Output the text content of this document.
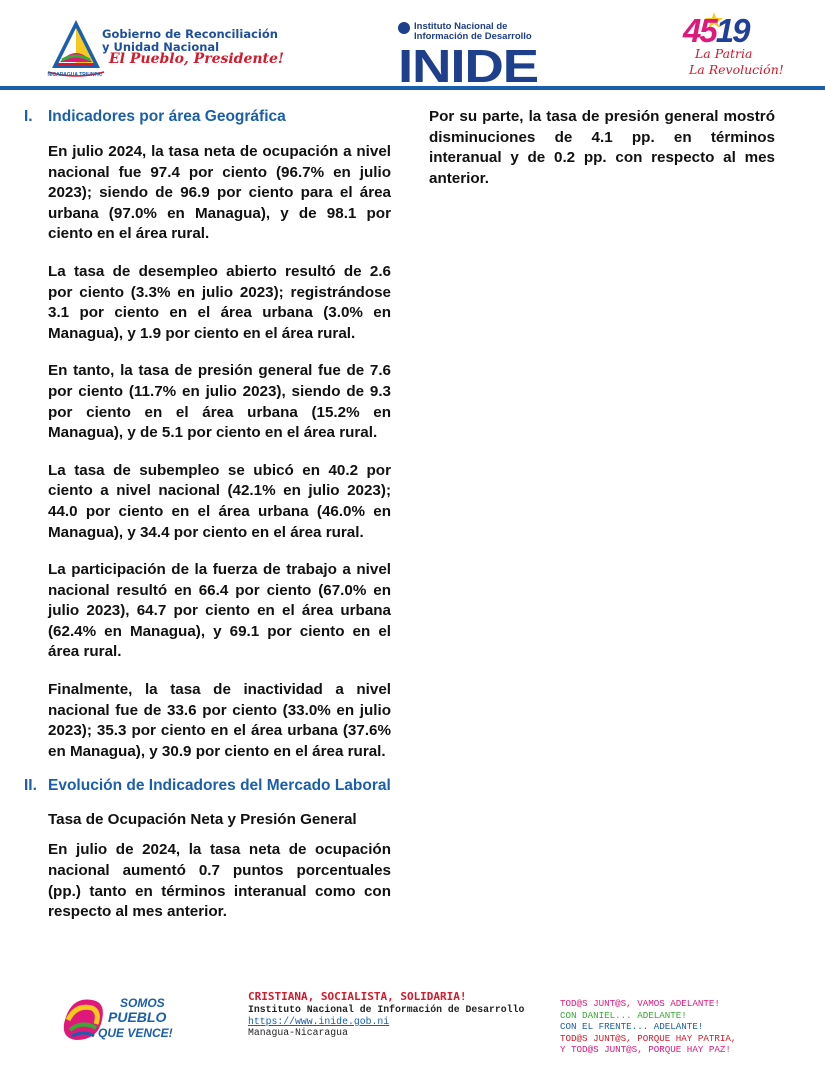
NICARAGUA TRIUNFA!
Gobierno de Reconciliación
y Unidad Nacional
El Pueblo, Presidente! INIDE
Instituto Nacional de
Información de Desarrollo	4519
La Patria
La Revolución!
I. Indicadores por área Geográfica

En julio 2024, la tasa neta de ocupación a nivel nacional fue 97.4 por ciento (96.7% en julio 2023); siendo de 96.9 por ciento para el área urbana (97.0% en Managua), y de 98.1 por ciento en el área rural.

La tasa de desempleo abierto resultó de 2.6 por ciento (3.3% en julio 2023); registrándose 3.1 por ciento en el área urbana (3.0% en Managua), y 1.9 por ciento en el área rural.

En tanto, la tasa de presión general fue de 7.6 por ciento (11.7% en julio 2023), siendo de 9.3 por ciento en el área urbana (15.2% en Managua), y de 5.1 por ciento en el área rural.

La tasa de subempleo se ubicó en 40.2 por ciento a nivel nacional (42.1% en julio 2023); 44.0 por ciento en el área urbana (46.0% en Managua), y 34.4 por ciento en el área rural.

La participación de la fuerza de trabajo a nivel nacional resultó en 66.4 por ciento (67.0% en julio 2023), 64.7 por ciento en el área urbana (62.4% en Managua), y 69.1 por ciento en el área rural.

Finalmente, la tasa de inactividad a nivel nacional fue de 33.6 por ciento (33.0% en julio 2023); 35.3 por ciento en el área urbana (37.6% en Managua), y 30.9 por ciento en el área rural.

II. Evolución de Indicadores del Mercado Laboral
Tasa de Ocupación Neta y Presión General

En julio de 2024, la tasa neta de ocupación nacional aumentó 0.7 puntos porcentuales (pp.) tanto en términos interanual como con respecto al mes anterior.

Por su parte, la tasa de presión general mostró disminuciones de 4.1 pp. en términos interanual y de 0.2 pp. con respecto al mes anterior.

SOMOS
PUEBLO
QUE VENCE!
CRISTIANA, SOCIALISTA, SOLIDARIA!
Instituto Nacional de Información de Desarrollo
https://www.inide.gob.ni
Managua-Nicaragua
TOD@S JUNT@S, VAMOS ADELANTE!
CON DANIEL... ADELANTE!
CON EL FRENTE... ADELANTE!
TOD@S JUNT@S, PORQUE HAY PATRIA,
Y TOD@S JUNT@S, PORQUE HAY PAZ!
